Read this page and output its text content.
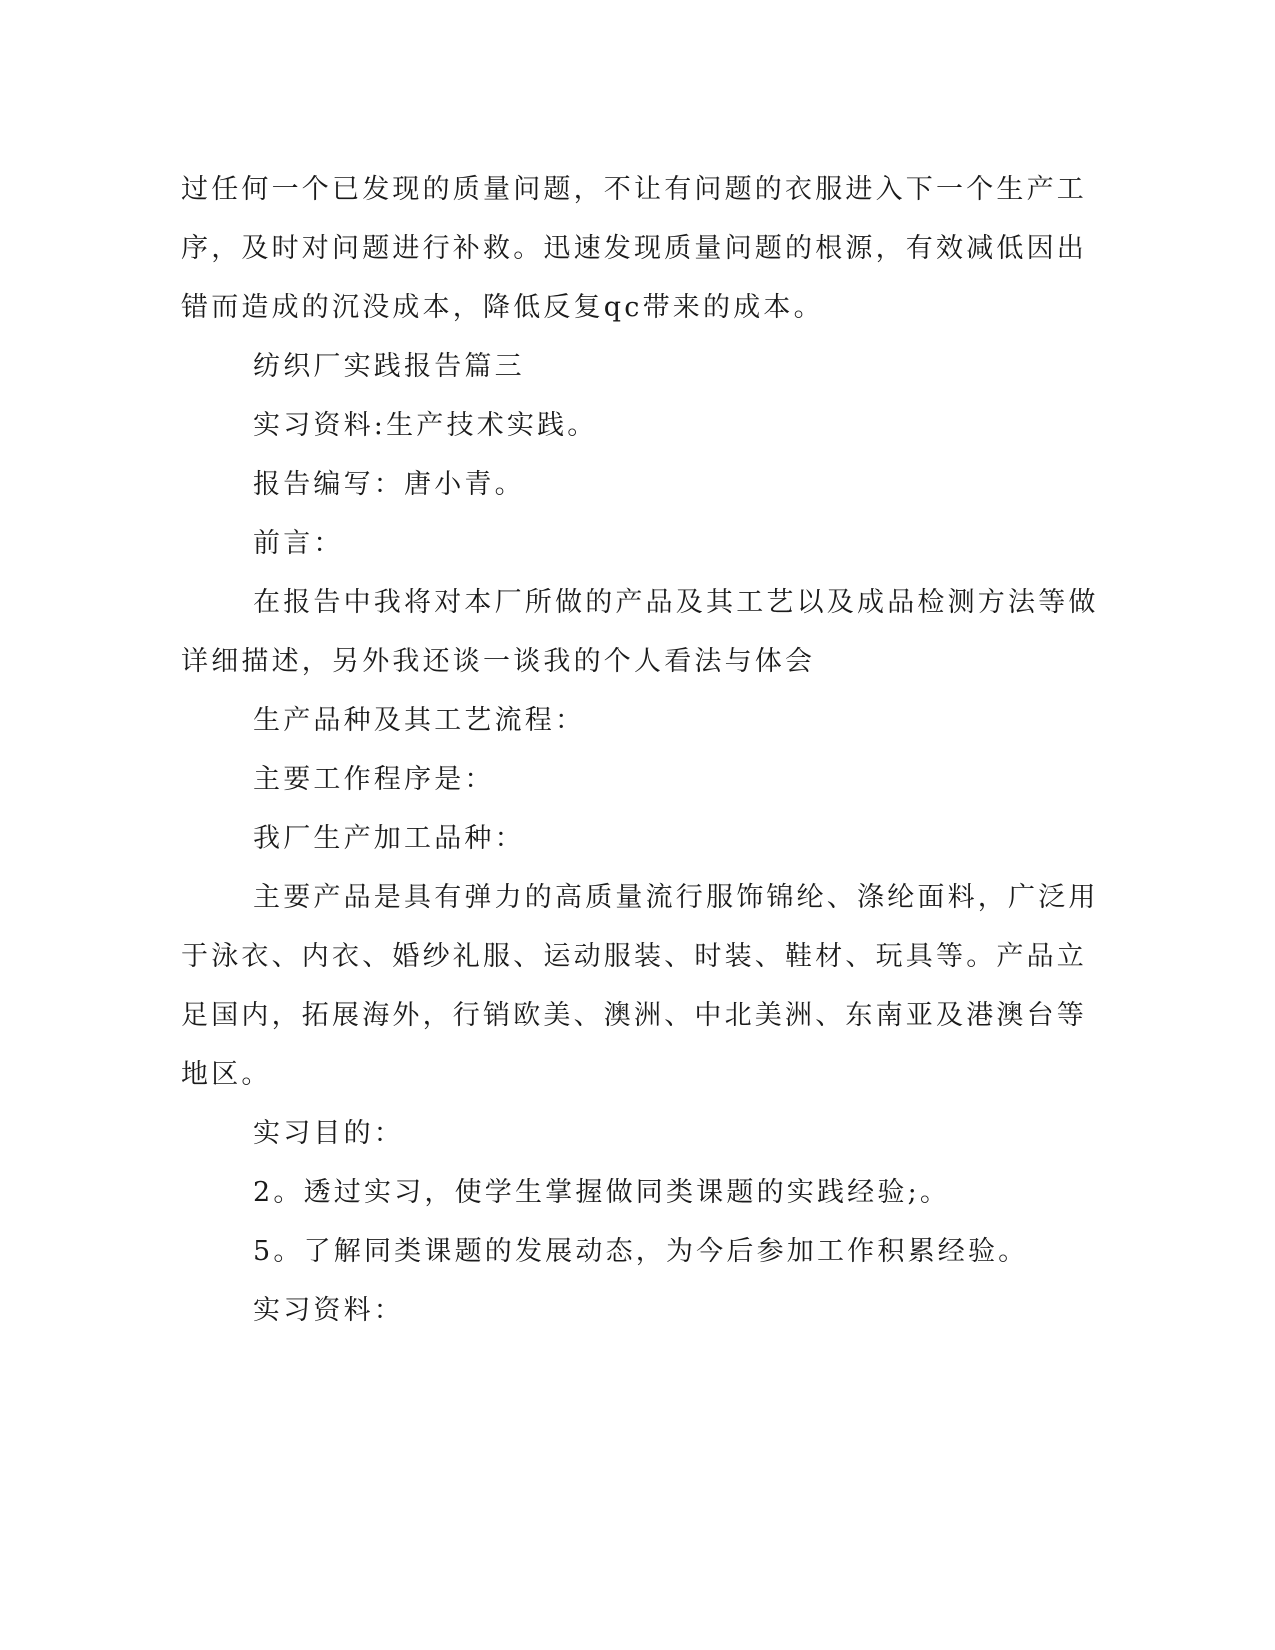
过任何一个已发现的质量问题，不让有问题的衣服进入下一个生产工
序，及时对问题进行补救。迅速发现质量问题的根源，有效减低因出
错而造成的沉没成本，降低反复qc带来的成本。

纺织厂实践报告篇三

实习资料:生产技术实践。

报告编写：唐小青。

前言：

在报告中我将对本厂所做的产品及其工艺以及成品检测方法等做
详细描述，另外我还谈一谈我的个人看法与体会

生产品种及其工艺流程：

主要工作程序是：

我厂生产加工品种：

主要产品是具有弹力的高质量流行服饰锦纶、涤纶面料，广泛用
于泳衣、内衣、婚纱礼服、运动服装、时装、鞋材、玩具等。产品立
足国内，拓展海外，行销欧美、澳洲、中北美洲、东南亚及港澳台等
地区。

实习目的：

2。透过实习，使学生掌握做同类课题的实践经验;。

5。了解同类课题的发展动态，为今后参加工作积累经验。

实习资料：
